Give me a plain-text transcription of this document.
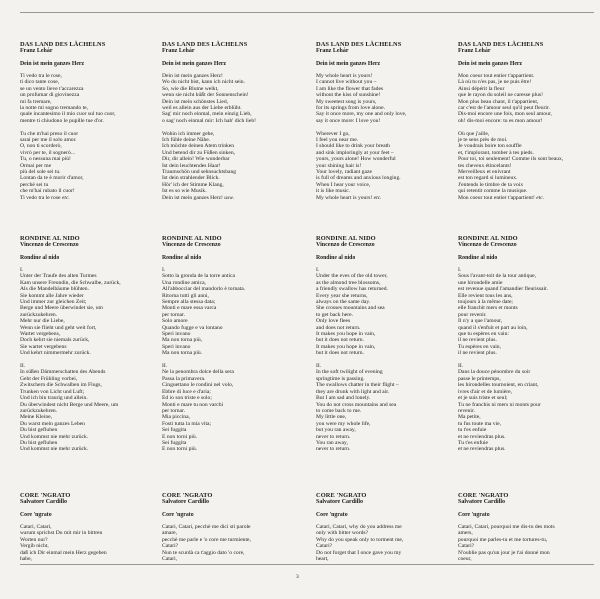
DAS LAND DES LÄCHELNS
Franz Lehár
Dein ist mein ganzes Herz
Ti vedo tra le rose,
ti dico tante cose,
se un vento lieve t'accarezza
un profumar di giovinezza
mi fa tremare,
la notte mi sogno tremando te,
quale incantesimo il mio cuor sul tuo cuor,
mentre ti chiudono le pupille tue d'or.
Tu che m'hai preso il cuor
sarai per me il solo amor.
O, non ti scorderò,
vivrò per te, il sognerò...
Tu, o nessuna mai più!
Ormai per me
più del sole sei tu.
Lontan da te è morir d'amor,
perché sei tu
che m'hai rubato il cuor!
Ti vedo tra le rose etc.
RONDINE AL NIDO
Vincenzo de Crescenzo
Rondine al nido
I.
Unter der Traufe des alten Turmes
Kam unsere Freundin, die Schwalbe, zurück,
Als die Mandelbäume blühten.
Sie kommt alle Jahre wieder
Und immer zur gleichen Zeit;
Berge und Meere überwindet sie, um
zurückzukehren.
Mehr nur die Liebe,
Wenn sie flieht und geht weit fort,
Wartet vergebens,
Doch kehrt sie niemals zurück,
Sie wartet vergebens
Und kehrt nimmermehr zurück.
II.
In süßen Dämmerschatten des Abends
Geht der Frühling vorbei,
Zwitschern die Schwalben im Flugs,
Trunken von Licht und Luft;
Und ich bin traurig und allein.
Du überwindest nicht Berge und Meere, um
zurückzukehren.
Meine Kleine,
Du warst mein ganzes Leben
Du bist gefluhen
Und kommst nie mehr zurück.
Du bist gefluhen
Und kommst nie mehr zurück.
CORE 'NGRATO
Salvatore Cardillo
Core 'ngrato
Catari, Catari,
warum sprichst Du mit mir in bittren
Worten nur?
Vergib nicht,
daß ich Dir einmal mein Herz gegeben
habe,
DAS LAND DES LÄCHELNS
Franz Lehár
Dein ist mein ganzes Herz
Dein ist mein ganzes Herz!
Wo du nicht bist, kann ich nicht sein.
So, wie die Blume welkt,
wenn sie nicht küßt der Sonnenschein!
Dein ist mein schönstes Lied,
weil es allein aus der Liebe erblüht.
Sag' mir noch einmal, mein einzig Lieb,
o sag' noch einmal mir: Ich hab' dich lieb!
Wohin ich immer gehe,
Ich fühle deine Nähe.
Ich möchte deinen Atem trinken
Und betend dir zu Füßen sinken,
Dir, dir allein! Wie wunderbar
Ist dein leuchtendes Haar!
Traumschön und sehnsuchtsbang
Ist dein strahlender Blick.
Hör' ich der Stimme Klang,
Ist es so wie Musik.
Dein ist mein ganzes Herz! usw.
RONDINE AL NIDO
Vincenzo de Crescenzo
Rondine al nido
I.
Sotto la gronda de la torre antica
Una rondine amica,
All'abbocciar del mandorlo è tornata.
Ritorna tutti gli anni,
Sempre alla stessa data;
Monti e mare essa varca
per tornar.
Solo amore
Quando fugge e va lontano
Speri invano
Ma non torna più,
Speri invano
Ma non torna più.
II.
Ne la penombra dolce della sera
Passa la primavera.
Cinguettano le rondini nel volo,
Ebbre di luce e d'aria;
Ed io son triste e solo;
Monti e mare tu non varchi
per tornar.
Mia piccina,
Fosti tutta la mia vita;
Sei fuggita
E non torni più.
Sei fuggita
E non torni più.
CORE 'NGRATO
Salvatore Cardillo
Core 'ngrato
Catari, Catari, pecchè me dici sti parole
amare,
pecchè me parle e 'o core me turmiente,
Catari?
Nun te scurdà ca t'aggio dato 'o core,
Catari,
DAS LAND DES LÄCHELNS
Franz Lehár
Dein ist mein ganzes Herz
My whole heart is yours!
I cannot live without you –
I am like the flower that fades
without the kiss of sunshine!
My sweetest song is yours,
for its springs from love alone.
Say it once more, my one and only love,
say it once more: I love you!
Wherever I go,
I feel you near me.
I should like to drink your breath
and sink imploringly at your feet –
yours, yours alone! How wonderful
your shining hair is!
Your lovely, radiant gaze
is full of dreams and anxious longing.
When I hear your voice,
it is like music.
My whole heart is yours! etc.
RONDINE AL NIDO
Vincenzo de Crescenzo
Rondine al nido
I.
Under the eves of the old tower,
as the almond tree blossoms,
a friendly swallow has returned.
Every year she returns,
always on the same day.
She crosses mountains and sea
to get back here.
Only love flees
and does not return.
It makes you hope in vain,
but it does not return.
It makes you hope in vain,
but it does not return.
II.
In the soft twilight of evening
springtime is passing.
The swallows chatter in their flight –
they are drunk with light and air.
But I am sad and lonely.
You do not cross mountains and sea
to come back to me.
My little one,
you were my whole life,
but you ran away,
never to return.
You ran away,
never to return.
CORE 'NGRATO
Salvatore Cardillo
Core 'ngrato
Catari, Catari, why do you address me
only with bitter words?
Why do you speak only to torment me,
Catari?
Do not forget that I once gave you my
heart,
DAS LAND DES LÄCHELNS
Franz Lehár
Dein ist mein ganzes Herz
Mon coeur tout entier t'appartient.
Là où tu n'es pas, je ne puis être!
Ainsi dépérit la fleur
que le rayon du soleil ne caresse plus!
Mon plus beau chant, il t'appartient,
car c'est de l'amour seul qu'il peut fleurir.
Dis-moi encore une fois, mon seul amour,
oh! dis-moi encore: tu es mon amour!
Où que j'aille,
je te sens près de moi.
Je voudrais boire ton souffle
et, t'implorant, tomber à tes pieds.
Pour toi, toi seulement! Comme ils sont beaux,
tes cheveux étincelants!
Merveilleux et enivrant
est ton regard si lumineux.
J'entends le timbre de ta voix
qui retentit comme la musique.
Mon coeur tout entier t'appartient! etc.
RONDINE AL NIDO
Vincenzo de Crescenzo
Rondine al nido
I.
Sous l'avant-toit de la tour antique,
une hirondelle amie
est revenue quand l'amandier fleurissait.
Elle revient tous les ans,
toujours à la même date;
elle franchit mers et monts
pour revenir.
Il n'y a que l'amour,
quand il s'enfuit et part au loin,
que tu espères en vain:
il ne revient plus.
Tu espères en vain,
il ne revient plus.
II.
Dans la douce pénombre du soir
passe le printemps,
les hirondelles tournoient, en criant,
ivres d'air et de lumière,
et je suis triste et seul;
Tu ne franchis ni mers ni monts pour
revenir.
Ma petite,
tu fus toute ma vie,
tu t'es enfuie
et ne reviendras plus.
Tu t'es enfuie
et ne reviendras plus.
CORE 'NGRATO
Salvatore Cardillo
Core 'ngrato
Catari, Catari, pourquoi me dis-tu des mots
amers,
pourquoi me parles-tu et me tortures-tu,
Catari?
N'oublie pas qu'un jour je t'ai donné mon
coeur,
3
